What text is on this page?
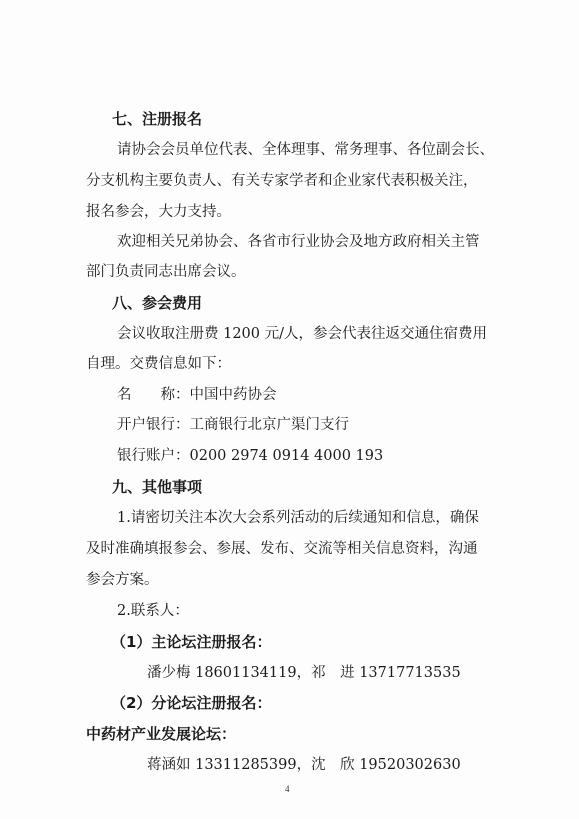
七、注册报名
请协会会员单位代表、全体理事、常务理事、各位副会长、
分支机构主要负责人、有关专家学者和企业家代表积极关注，
报名参会，大力支持。
欢迎相关兄弟协会、各省市行业协会及地方政府相关主管
部门负责同志出席会议。
八、参会费用
会议收取注册费 1200 元/人，参会代表往返交通住宿费用
自理。交费信息如下：
名　　称：中国中药协会
开户银行：工商银行北京广渠门支行
银行账户：0200 2974 0914 4000 193
九、其他事项
1.请密切关注本次大会系列活动的后续通知和信息，确保
及时准确填报参会、参展、发布、交流等相关信息资料，沟通
参会方案。
2.联系人：
（1）主论坛注册报名：
潘少梅 18601134119，祁　进 13717713535
（2）分论坛注册报名：
中药材产业发展论坛：
蒋涵如 13311285399，沈　欣 19520302630
4
